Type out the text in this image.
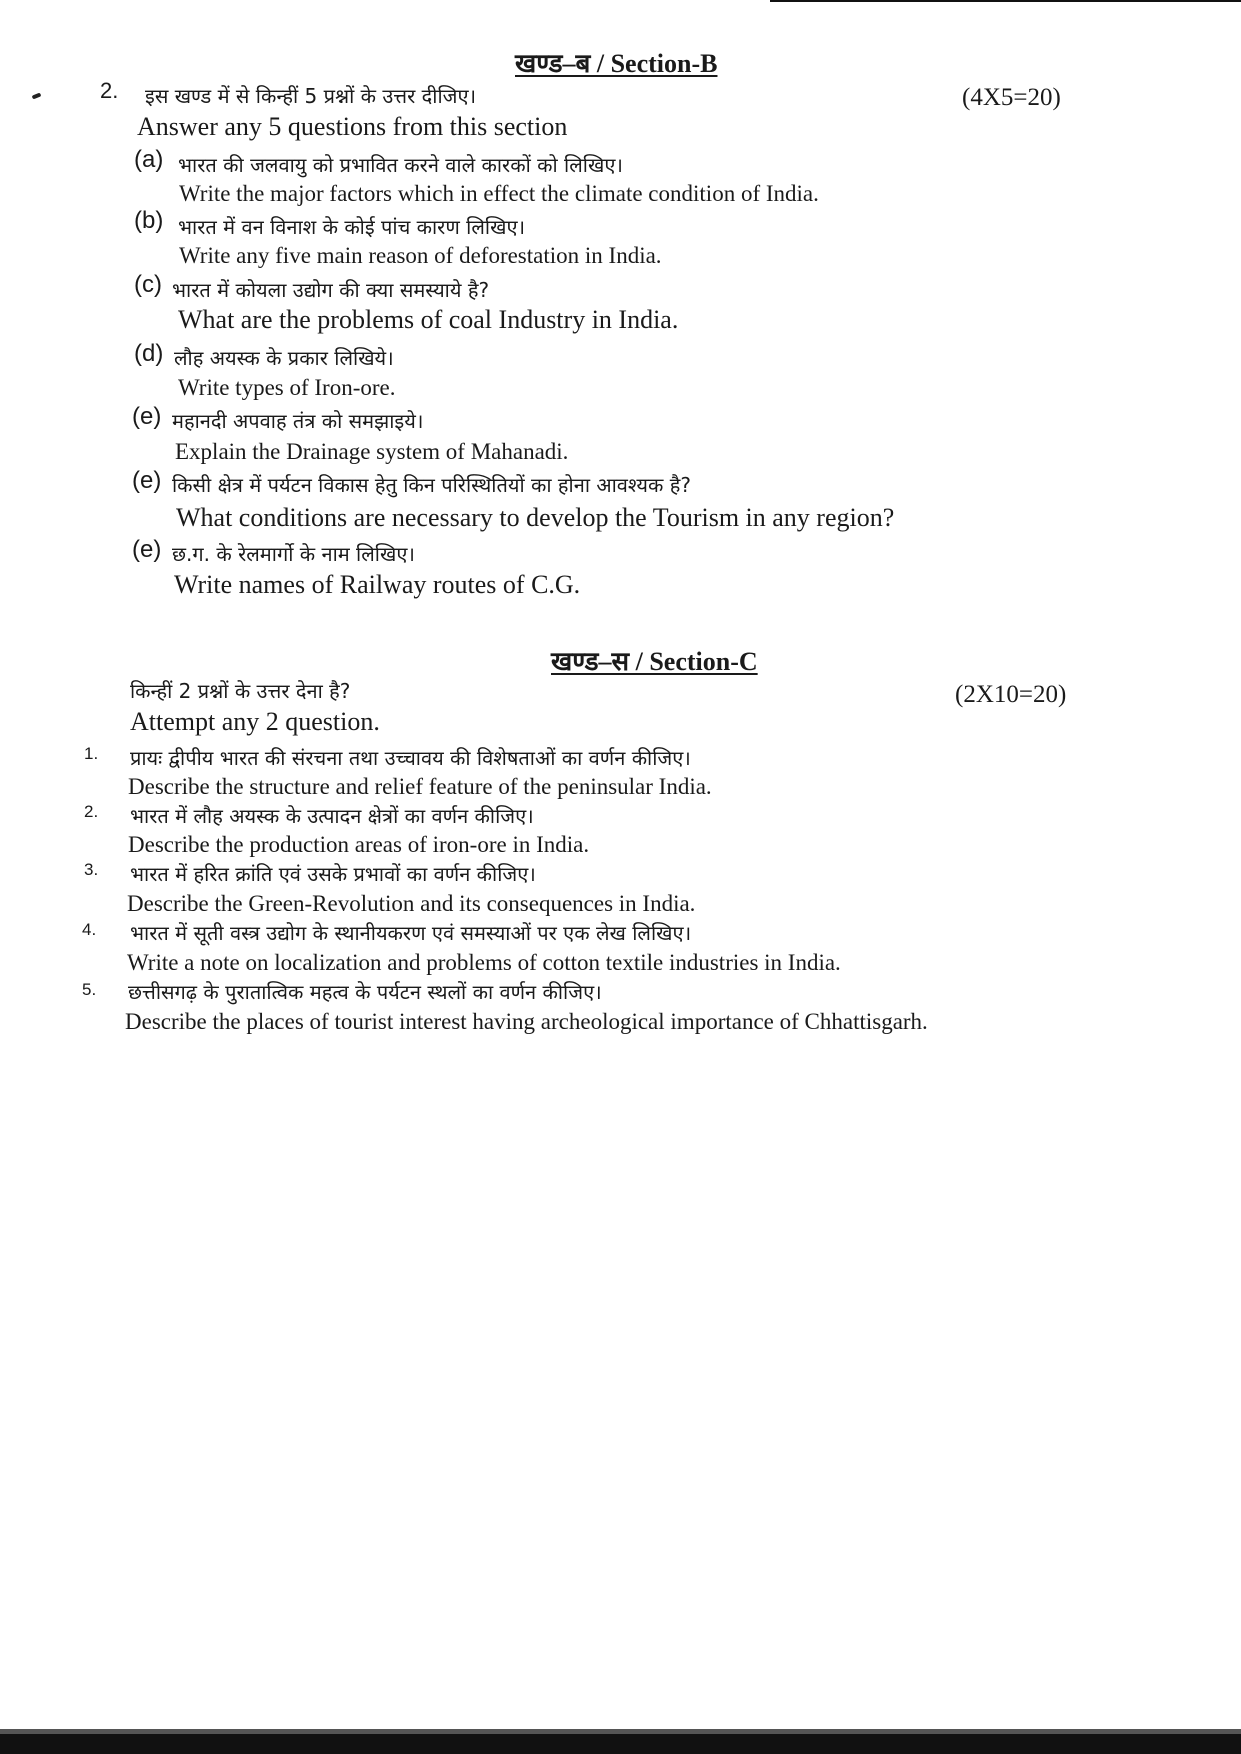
खण्ड–ब / Section-B
2. इस खण्ड में से किन्हीं 5 प्रश्नों के उत्तर दीजिए।	(4X5=20)
Answer any 5 questions from this section
(a) भारत की जलवायु को प्रभावित करने वाले कारकों को लिखिए।
Write the major factors which in effect the climate condition of India.
(b) भारत में वन विनाश के कोई पांच कारण लिखिए।
Write any five main reason of deforestation in India.
(c) भारत में कोयला उद्योग की क्या समस्याये है?
What are the problems of coal Industry in India.
(d) लौह अयस्क के प्रकार लिखिये।
Write types of Iron-ore.
(e) महानदी अपवाह तंत्र को समझाइये।
Explain the Drainage system of Mahanadi.
(e) किसी क्षेत्र में पर्यटन विकास हेतु किन परिस्थितियों का होना आवश्यक है?
What conditions are necessary to develop the Tourism in any region?
(e) छ.ग. के रेलमार्गो के नाम लिखिए।
Write names of Railway routes of C.G.
खण्ड–स / Section-C
किन्हीं 2 प्रश्नों के उत्तर देना है?	(2X10=20)
Attempt any 2 question.
1. प्रायः द्वीपीय भारत की संरचना तथा उच्चावय की विशेषताओं का वर्णन कीजिए।
Describe the structure and relief feature of the peninsular India.
2. भारत में लौह अयस्क के उत्पादन क्षेत्रों का वर्णन कीजिए।
Describe the production areas of iron-ore in India.
3. भारत में हरित क्रांति एवं उसके प्रभावों का वर्णन कीजिए।
Describe the Green-Revolution and its consequences in India.
4. भारत में सूती वस्त्र उद्योग के स्थानीयकरण एवं समस्याओं पर एक लेख लिखिए।
Write a note on localization and problems of cotton textile industries in India.
5. छत्तीसगढ़ के पुरातात्विक महत्व के पर्यटन स्थलों का वर्णन कीजिए।
Describe the places of tourist interest having archeological importance of Chhattisgarh.
